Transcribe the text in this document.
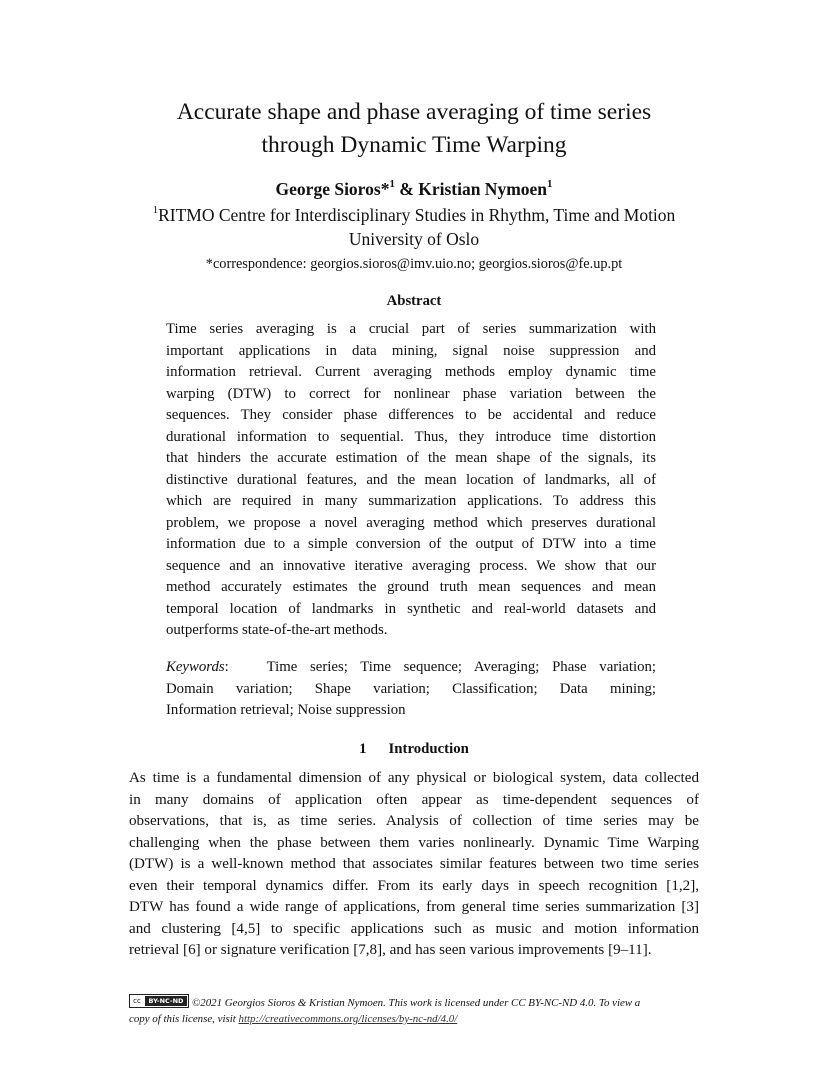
Accurate shape and phase averaging of time series
through Dynamic Time Warping
George Sioros*$^1$ & Kristian Nymoen$^1$
$^1$RITMO Centre for Interdisciplinary Studies in Rhythm, Time and Motion
University of Oslo
*correspondence: georgios.sioros@imv.uio.no; georgios.sioros@fe.up.pt
Abstract
Time series averaging is a crucial part of series summarization with
important applications in data mining, signal noise suppression and
information retrieval. Current averaging methods employ dynamic time
warping (DTW) to correct for nonlinear phase variation between the
sequences. They consider phase differences to be accidental and reduce
durational information to sequential. Thus, they introduce time distortion
that hinders the accurate estimation of the mean shape of the signals, its
distinctive durational features, and the mean location of landmarks, all of
which are required in many summarization applications. To address this
problem, we propose a novel averaging method which preserves durational
information due to a simple conversion of the output of DTW into a time
sequence and an innovative iterative averaging process. We show that our
method accurately estimates the ground truth mean sequences and mean
temporal location of landmarks in synthetic and real-world datasets and
outperforms state-of-the-art methods.
Keywords:   Time series; Time sequence; Averaging; Phase variation;
Domain variation; Shape variation; Classification; Data mining;
Information retrieval; Noise suppression
1 Introduction
As time is a fundamental dimension of any physical or biological system, data collected
in many domains of application often appear as time-dependent sequences of
observations, that is, as time series. Analysis of collection of time series may be
challenging when the phase between them varies nonlinearly. Dynamic Time Warping
(DTW) is a well-known method that associates similar features between two time series
even their temporal dynamics differ. From its early days in speech recognition [1,2],
DTW has found a wide range of applications, from general time series summarization [3]
and clustering [4,5] to specific applications such as music and motion information
retrieval [6] or signature verification [7,8], and has seen various improvements [9–11].
cc	BY-NC-ND ©2021 Georgios Sioros & Kristian Nymoen. This work is licensed under CC BY-NC-ND 4.0. To view a
copy of this license, visit http://creativecommons.org/licenses/by-nc-nd/4.0/
